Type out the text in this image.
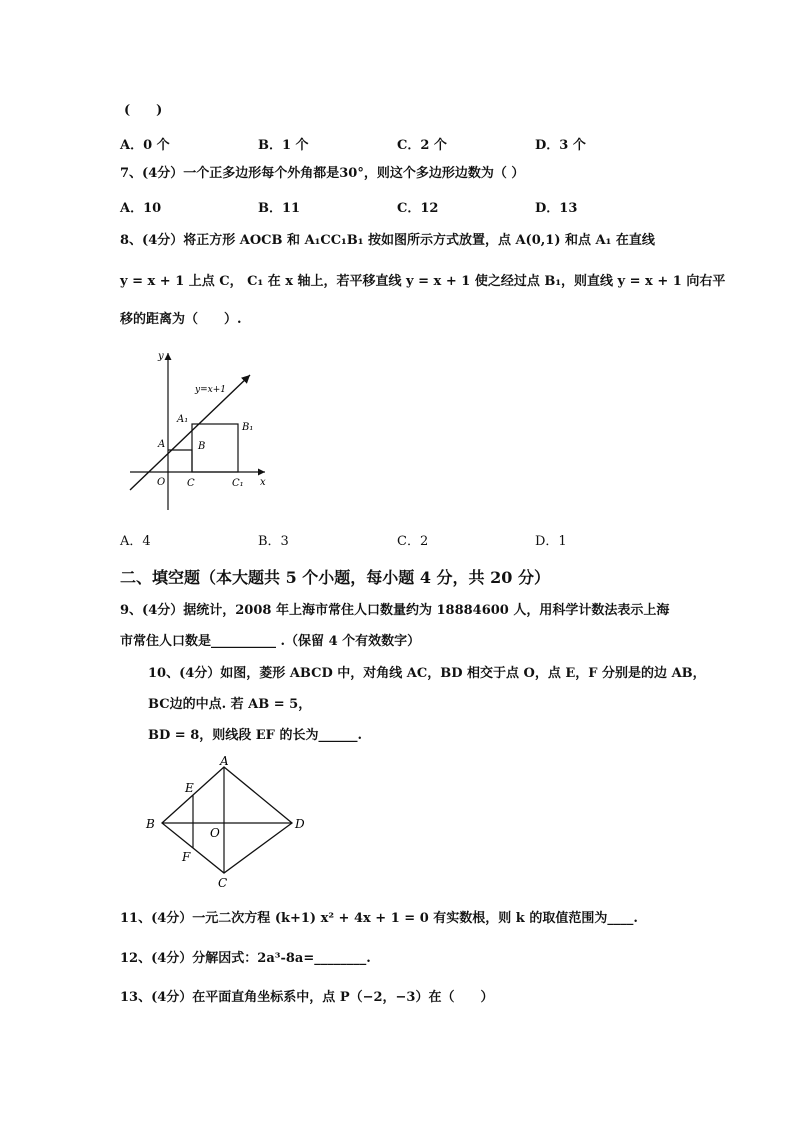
(　　)
A．0 个	B．1 个	C．2 个	D．3 个
7、(4分）一个正多边形每个外角都是30°，则这个多边形边数为（ ）
A．10	B．11	C．12	D．13
8、(4分）将正方形 AOCB 和 A₁CC₁B₁ 按如图所示方式放置，点 A(0,1) 和点 A₁ 在直线
y = x + 1 上点 C， C₁ 在 x 轴上，若平移直线 y = x + 1 使之经过点 B₁，则直线 y = x + 1 向右平
移的距离为（　　）.
y=x+1
y
x
A₁
B₁
A	B
O C	C₁
A．4	B．3	C．2	D．1
二、填空题（本大题共 5 个小题，每小题 4 分，共 20 分）
9、(4分）据统计，2008 年上海市常住人口数量约为 18884600 人，用科学计数法表示上海
市常住人口数是__________ .（保留 4 个有效数字）
10、(4分）如图，菱形 ABCD 中，对角线 AC，BD 相交于点 O，点 E，F 分别是的边 AB，
BC边的中点. 若 AB = 5，
BD = 8，则线段 EF 的长为______.
A
B
C
D
E
F
O
11、(4分）一元二次方程 (k+1) x² + 4x + 1 = 0 有实数根，则 k 的取值范围为____.
12、(4分）分解因式：2a³-8a=________.
13、(4分）在平面直角坐标系中，点 P（−2，−3）在（　　）
